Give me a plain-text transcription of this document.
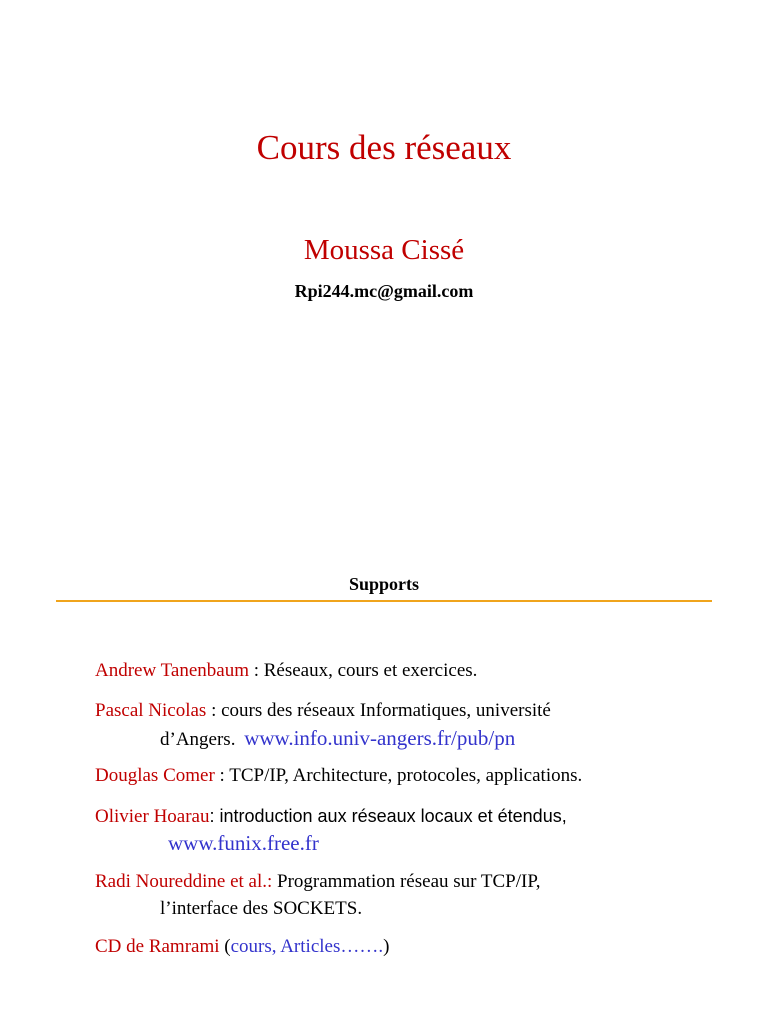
Cours des réseaux
Moussa Cissé
Rpi244.mc@gmail.com
Supports
Andrew Tanenbaum : Réseaux, cours et exercices.
Pascal Nicolas : cours des réseaux Informatiques, université
d’Angers. www.info.univ-angers.fr/pub/pn
Douglas Comer : TCP/IP, Architecture, protocoles, applications.
Olivier Hoarau: introduction aux réseaux locaux et étendus,
www.funix.free.fr
Radi Noureddine et al.: Programmation réseau sur TCP/IP,
l’interface des SOCKETS.
CD de Ramrami (cours, Articles…….)
